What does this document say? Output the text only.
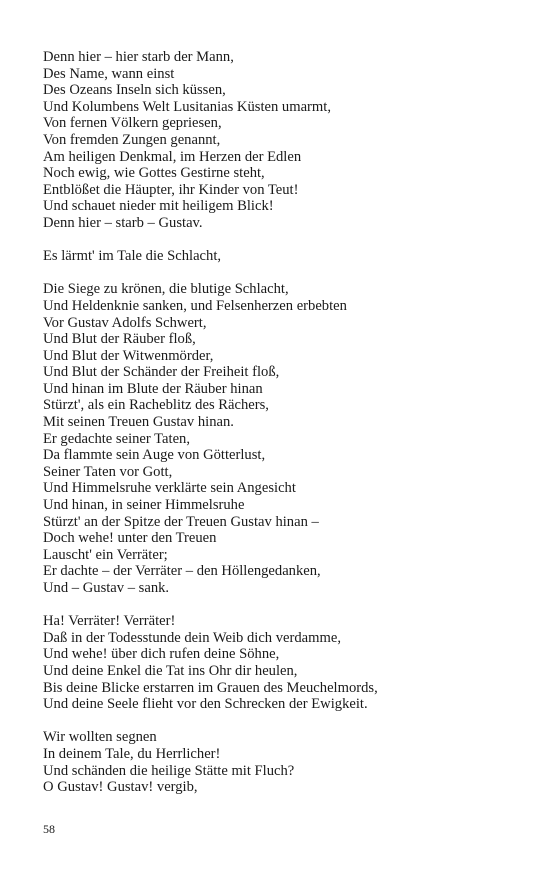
Denn hier – hier starb der Mann,
Des Name, wann einst
Des Ozeans Inseln sich küssen,
Und Kolumbens Welt Lusitanias Küsten umarmt,
Von fernen Völkern gepriesen,
Von fremden Zungen genannt,
Am heiligen Denkmal, im Herzen der Edlen
Noch ewig, wie Gottes Gestirne steht,
Entblößet die Häupter, ihr Kinder von Teut!
Und schauet nieder mit heiligem Blick!
Denn hier – starb – Gustav.
Es lärmt' im Tale die Schlacht,
Die Siege zu krönen, die blutige Schlacht,
Und Heldenknie sanken, und Felsenherzen erbebten
Vor Gustav Adolfs Schwert,
Und Blut der Räuber floß,
Und Blut der Witwenmörder,
Und Blut der Schänder der Freiheit floß,
Und hinan im Blute der Räuber hinan
Stürzt', als ein Racheblitz des Rächers,
Mit seinen Treuen Gustav hinan.
Er gedachte seiner Taten,
Da flammte sein Auge von Götterlust,
Seiner Taten vor Gott,
Und Himmelsruhe verklärte sein Angesicht
Und hinan, in seiner Himmelsruhe
Stürzt' an der Spitze der Treuen Gustav hinan –
Doch wehe! unter den Treuen
Lauscht' ein Verräter;
Er dachte – der Verräter – den Höllengedanken,
Und – Gustav – sank.
Ha! Verräter! Verräter!
Daß in der Todesstunde dein Weib dich verdamme,
Und wehe! über dich rufen deine Söhne,
Und deine Enkel die Tat ins Ohr dir heulen,
Bis deine Blicke erstarren im Grauen des Meuchelmords,
Und deine Seele flieht vor den Schrecken der Ewigkeit.
Wir wollten segnen
In deinem Tale, du Herrlicher!
Und schänden die heilige Stätte mit Fluch?
O Gustav! Gustav! vergib,
58
